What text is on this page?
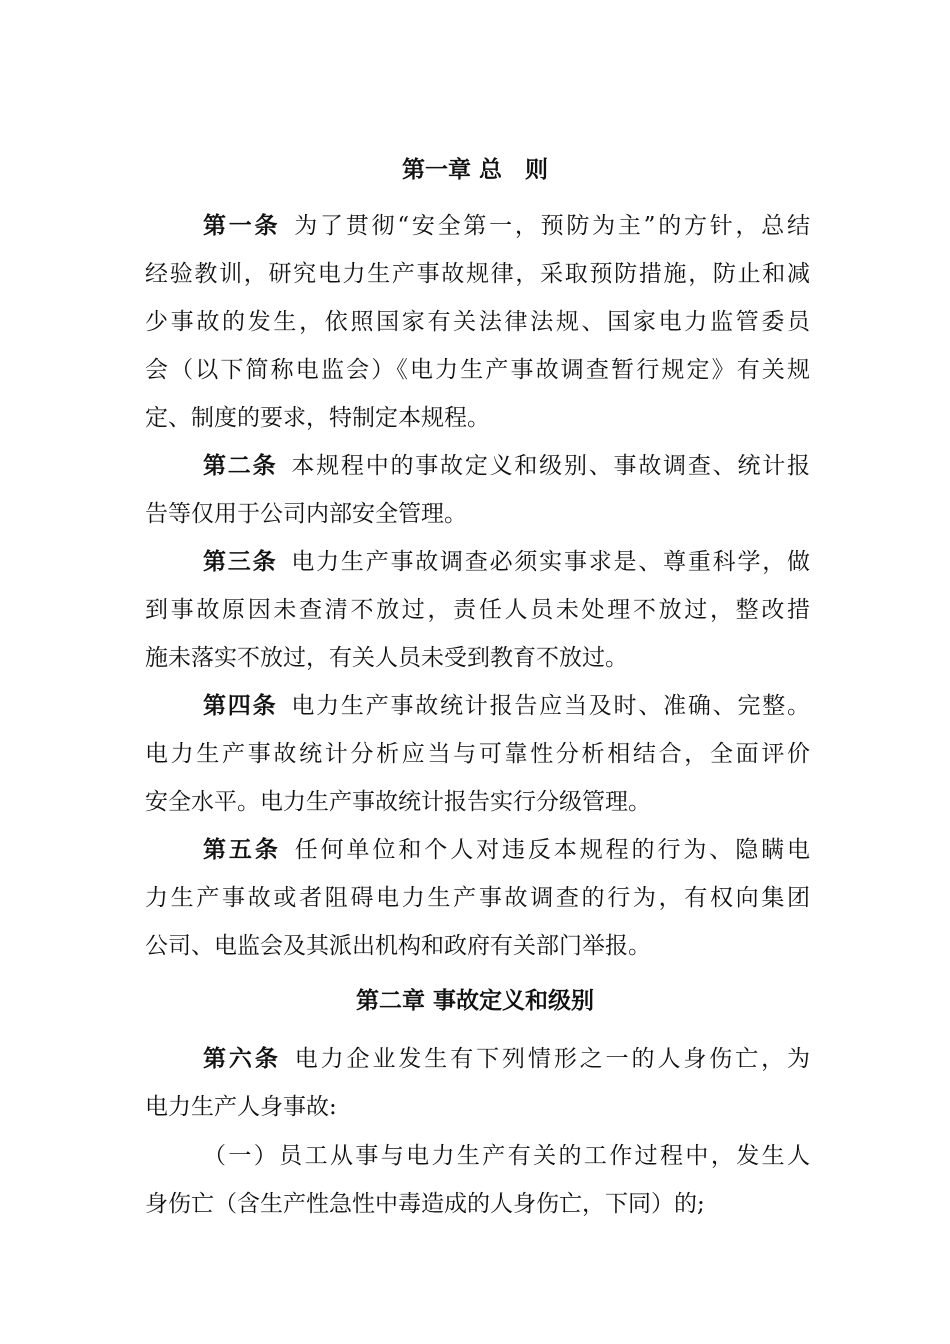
第一章 总　则
第一条 为了贯彻“安全第一，预防为主”的方针，总结
经验教训，研究电力生产事故规律，采取预防措施，防止和减
少事故的发生，依照国家有关法律法规、国家电力监管委员
会（以下简称电监会）《电力生产事故调查暂行规定》有关规
定、制度的要求，特制定本规程。
第二条 本规程中的事故定义和级别、事故调查、统计报
告等仅用于公司内部安全管理。
第三条 电力生产事故调查必须实事求是、尊重科学，做
到事故原因未查清不放过，责任人员未处理不放过，整改措
施未落实不放过，有关人员未受到教育不放过。
第四条 电力生产事故统计报告应当及时、准确、完整。
电力生产事故统计分析应当与可靠性分析相结合，全面评价
安全水平。电力生产事故统计报告实行分级管理。
第五条 任何单位和个人对违反本规程的行为、隐瞒电
力生产事故或者阻碍电力生产事故调查的行为，有权向集团
公司、电监会及其派出机构和政府有关部门举报。
第二章 事故定义和级别
第六条 电力企业发生有下列情形之一的人身伤亡，为
电力生产人身事故:
（一）员工从事与电力生产有关的工作过程中，发生人
身伤亡（含生产性急性中毒造成的人身伤亡，下同）的;
